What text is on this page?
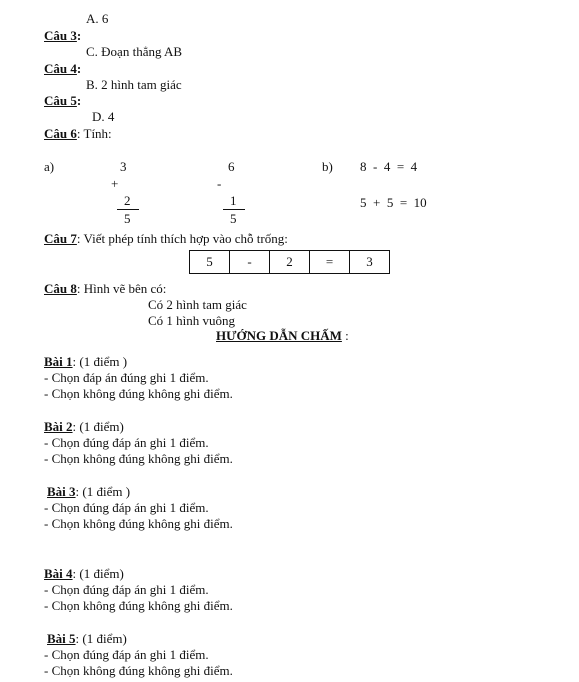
A. 6
Câu 3:
C. Đoạn thẳng AB
Câu 4:
B. 2 hình tam giác
Câu 5:
D. 4
Câu 6: Tính:
a)	3
+
2
5
6
-
1
5
b) 8  -  4  =  4
5  +  5  =  10
Câu 7: Viết phép tính thích hợp vào chỗ trống:
5	-	2	=	3
Câu 8: Hình vẽ bên có:
Có 2 hình tam giác
Có 1 hình vuông
HƯỚNG DẪN CHẤM :
Bài 1: (1 điểm )
- Chọn đáp án đúng ghi 1 điểm.
- Chọn không đúng không ghi điểm.
Bài 2: (1 điểm)
- Chọn đúng đáp án ghi 1 điểm.
- Chọn không đúng không ghi điểm.
Bài 3: (1 điểm )
- Chọn đúng đáp án ghi 1 điểm.
- Chọn không đúng không ghi điểm.
Bài 4: (1 điểm)
- Chọn đúng đáp án ghi 1 điểm.
- Chọn không đúng không ghi điểm.
Bài 5: (1 điểm)
- Chọn đúng đáp án ghi 1 điểm.
- Chọn không đúng không ghi điểm.
